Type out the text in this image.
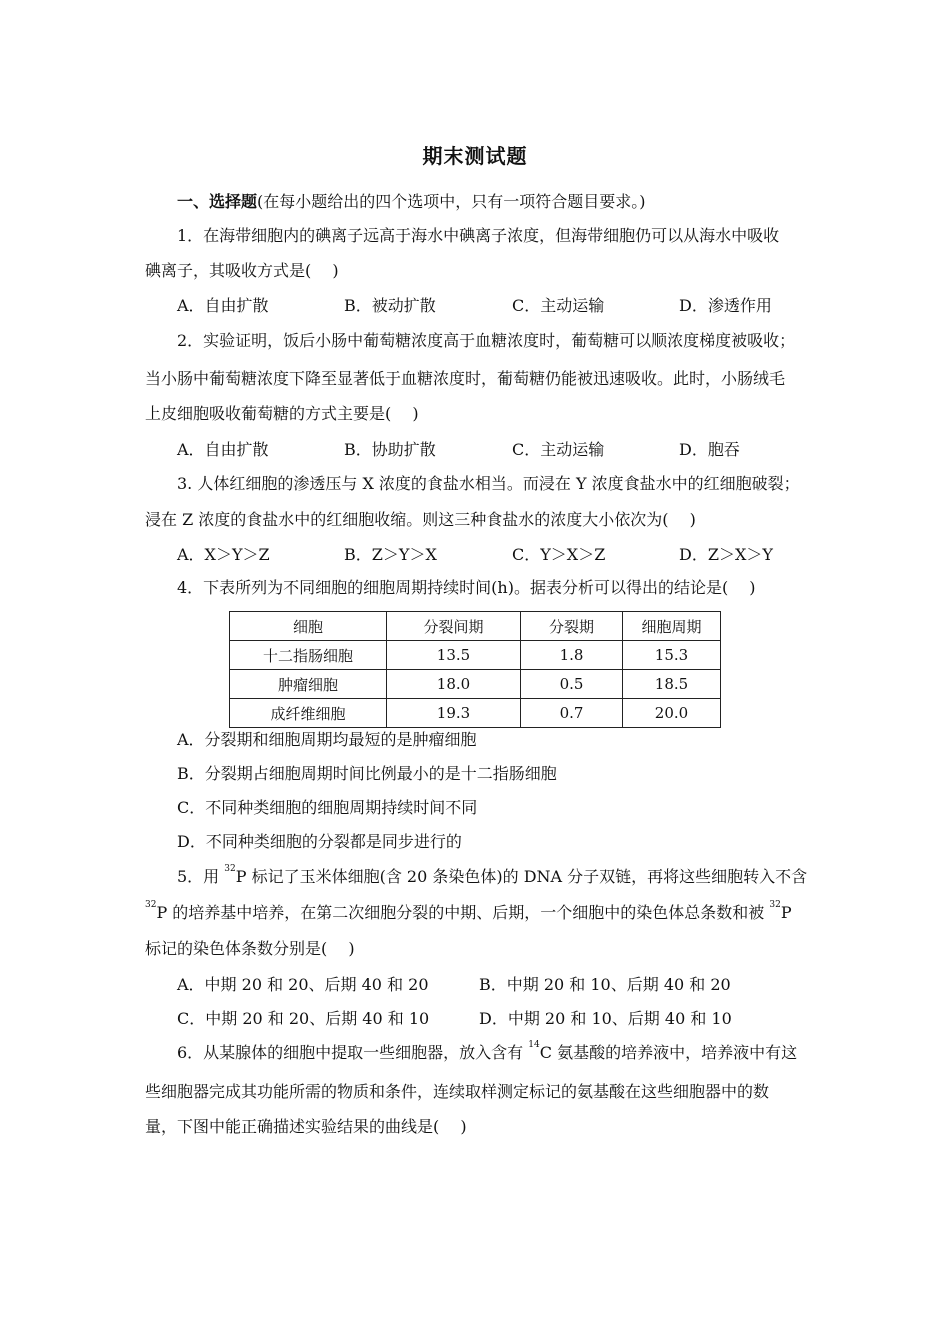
期末测试题
一、选择题(在每小题给出的四个选项中，只有一项符合题目要求。)
1．在海带细胞内的碘离子远高于海水中碘离子浓度，但海带细胞仍可以从海水中吸收
碘离子，其吸收方式是(　 )
A．自由扩散	B．被动扩散	C．主动运输	D．渗透作用
2．实验证明，饭后小肠中葡萄糖浓度高于血糖浓度时，葡萄糖可以顺浓度梯度被吸收；
当小肠中葡萄糖浓度下降至显著低于血糖浓度时，葡萄糖仍能被迅速吸收。此时，小肠绒毛
上皮细胞吸收葡萄糖的方式主要是(　 )
A．自由扩散	B．协助扩散	C．主动运输	D．胞吞
3. 人体红细胞的渗透压与 X 浓度的食盐水相当。而浸在 Y 浓度食盐水中的红细胞破裂；
浸在 Z 浓度的食盐水中的红细胞收缩。则这三种食盐水的浓度大小依次为(　 )
A．X＞Y＞Z	B．Z＞Y＞X	C．Y＞X＞Z	D．Z＞X＞Y
4．下表所列为不同细胞的细胞周期持续时间(h)。据表分析可以得出的结论是(　 )
细胞	分裂间期	分裂期	细胞周期
十二指肠细胞	13.5	1.8	15.3
肿瘤细胞	18.0	0.5	18.5
成纤维细胞	19.3	0.7	20.0
A．分裂期和细胞周期均最短的是肿瘤细胞
B．分裂期占细胞周期时间比例最小的是十二指肠细胞
C．不同种类细胞的细胞周期持续时间不同
D．不同种类细胞的分裂都是同步进行的
5．用 $^{32}$P 标记了玉米体细胞(含 20 条染色体)的 DNA 分子双链，再将这些细胞转入不含
$^{32}$P 的培养基中培养，在第二次细胞分裂的中期、后期，一个细胞中的染色体总条数和被 $^{32}$P
标记的染色体条数分别是(　 )
A．中期 20 和 20、后期 40 和 20	B．中期 20 和 10、后期 40 和 20
C．中期 20 和 20、后期 40 和 10	D．中期 20 和 10、后期 40 和 10
6．从某腺体的细胞中提取一些细胞器，放入含有 $^{14}$C 氨基酸的培养液中，培养液中有这
些细胞器完成其功能所需的物质和条件，连续取样测定标记的氨基酸在这些细胞器中的数
量，下图中能正确描述实验结果的曲线是(　 )
